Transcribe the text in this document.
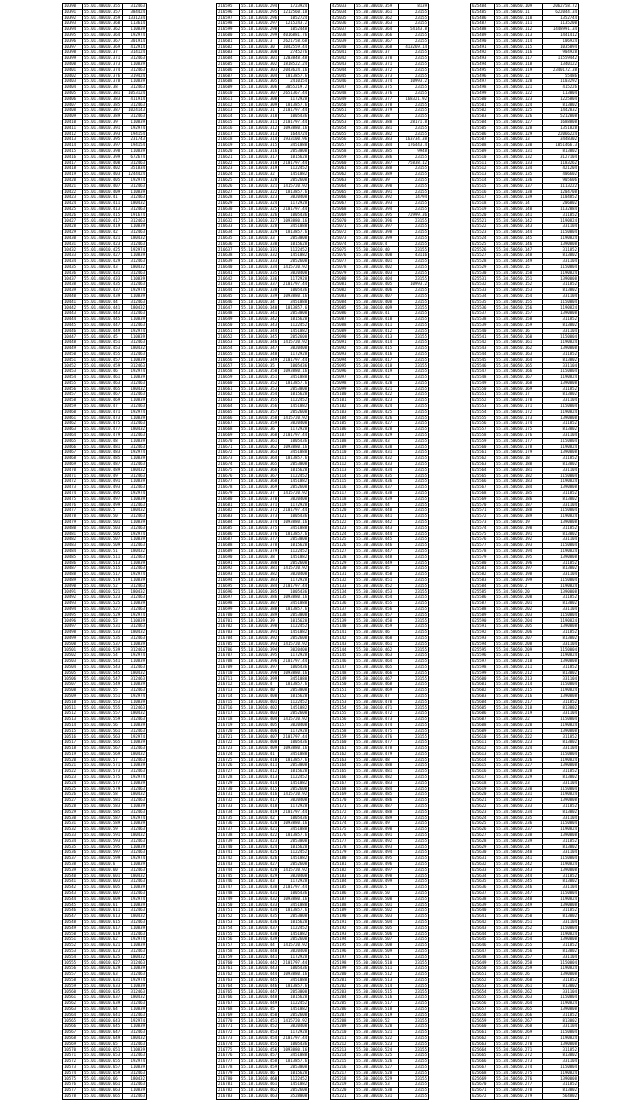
10390	55.01.40010.355	312463
10391	55.01.40010.357	384424
10392	55.01.40010.359	1331234
10393	55.01.40010.360	113614
10394	55.01.40010.362	110839
10395	55.01.40010.364	192974
10396	55.01.40010.367	301914
10397	55.01.40010.369	412914
10398	55.01.40010.37	314124
10399	55.01.40010.371	312463
10400	55.01.40010.373	110839
10401	55.01.40010.374	312463
10402	55.01.40010.376	319424
10403	55.01.40010.378	110839
10404	55.01.40010.38	312463
10405	55.01.40010.381	1053124
10406	55.01.40010.383	411914
10407	55.01.40010.385	312463
10408	55.01.40010.387	1024143
10409	55.01.40010.389	312463
10410	55.01.40010.39	110839
10411	55.01.40010.391	192974
10412	55.01.40010.393	194154
10413	55.01.40010.395	231743
10414	55.01.40010.397	194154
10415	55.01.40010.398	110839
10416	55.01.40010.399	672674
10417	55.01.40010.400	312463
10418	55.01.40010.402	351834
10419	55.01.40010.403	1244424
10420	55.01.40010.405	192974
10421	55.01.40010.407	312463
10422	55.01.40010.409	110839
10423	55.01.40010.41	312463
10424	55.01.40010.411	180432
10425	55.01.40010.413	312463
10426	55.01.40010.415	191674
10427	55.01.40010.417	312463
10428	55.01.40010.419	110839
10429	55.01.40010.42	312463
10430	55.01.40010.421	180432
10431	55.01.40010.423	312463
10432	55.01.40010.425	192974
10433	55.01.40010.427	110839
10434	55.01.40010.429	312463
10435	55.01.40010.43	180432
10436	55.01.40010.431	312463
10437	55.01.40010.433	110839
10438	55.01.40010.435	312463
10439	55.01.40010.437	192974
10440	55.01.40010.439	110839
10441	55.01.40010.44	312463
10442	55.01.40010.441	180432
10443	55.01.40010.443	312463
10444	55.01.40010.445	110839
10445	55.01.40010.447	312463
10446	55.01.40010.449	192974
10447	55.01.40010.45	110839
10448	55.01.40010.451	312463
10449	55.01.40010.453	180432
10450	55.01.40010.455	312463
10451	55.01.40010.457	110839
10452	55.01.40010.459	312463
10453	55.01.40010.46	192974
10454	55.01.40010.461	110839
10455	55.01.40010.463	312463
10456	55.01.40010.465	180432
10457	55.01.40010.467	312463
10458	55.01.40010.469	110839
10459	55.01.40010.47	312463
10460	55.01.40010.471	192974
10461	55.01.40010.473	110839
10462	55.01.40010.475	312463
10463	55.01.40010.477	180432
10464	55.01.40010.479	312463
10465	55.01.40010.48	110839
10466	55.01.40010.481	312463
10467	55.01.40010.483	192974
10468	55.01.40010.485	110839
10469	55.01.40010.487	312463
10470	55.01.40010.489	180432
10471	55.01.40010.49	312463
10472	55.01.40010.491	110839
10473	55.01.40010.493	312463
10474	55.01.40010.495	192974
10475	55.01.40010.497	110839
10476	55.01.40010.499	312463
10477	55.01.40010.5	180432
10478	55.01.40010.50	312463
10479	55.01.40010.501	110839
10480	55.01.40010.503	312463
10481	55.01.40010.505	192974
10482	55.01.40010.507	110839
10483	55.01.40010.509	312463
10484	55.01.40010.51	180432
10485	55.01.40010.511	312463
10486	55.01.40010.513	110839
10487	55.01.40010.515	312463
10488	55.01.40010.517	192974
10489	55.01.40010.519	110839
10490	55.01.40010.52	312463
10491	55.01.40010.521	180432
10492	55.01.40010.523	312463
10493	55.01.40010.525	110839
10494	55.01.40010.527	312463
10495	55.01.40010.529	192974
10496	55.01.40010.53	110839
10497	55.01.40010.531	312463
10498	55.01.40010.533	180432
10499	55.01.40010.535	312463
10500	55.01.40010.537	110839
10501	55.01.40010.539	312463
10502	55.01.40010.54	192974
10503	55.01.40010.541	110839
10504	55.01.40010.543	312463
10505	55.01.40010.545	180432
10506	55.01.40010.547	312463
10507	55.01.40010.549	110839
10508	55.01.40010.55	312463
10509	55.01.40010.551	192974
10510	55.01.40010.553	110839
10511	55.01.40010.555	312463
10512	55.01.40010.557	180432
10513	55.01.40010.559	312463
10514	55.01.40010.56	110839
10515	55.01.40010.561	312463
10516	55.01.40010.563	192974
10517	55.01.40010.565	110839
10518	55.01.40010.567	312463
10519	55.01.40010.569	180432
10520	55.01.40010.57	312463
10521	55.01.40010.571	110839
10522	55.01.40010.573	312463
10523	55.01.40010.575	192974
10524	55.01.40010.577	110839
10525	55.01.40010.579	312463
10526	55.01.40010.58	180432
10527	55.01.40010.581	312463
10528	55.01.40010.583	110839
10529	55.01.40010.585	312463
10530	55.01.40010.587	192974
10531	55.01.40010.589	110839
10532	55.01.40010.59	312463
10533	55.01.40010.591	180432
10534	55.01.40010.593	312463
10535	55.01.40010.595	110839
10536	55.01.40010.597	312463
10537	55.01.40010.599	192974
10538	55.01.40010.6	110839
10539	55.01.40010.60	312463
10540	55.01.40010.601	180432
10541	55.01.40010.603	312463
10542	55.01.40010.605	110839
10543	55.01.40010.607	312463
10544	55.01.40010.609	192974
10545	55.01.40010.61	110839
10546	55.01.40010.611	312463
10547	55.01.40010.613	180432
10548	55.01.40010.615	312463
10549	55.01.40010.617	110839
10550	55.01.40010.619	312463
10551	55.01.40010.62	192974
10552	55.01.40010.621	110839
10553	55.01.40010.623	312463
10554	55.01.40010.625	180432
10555	55.01.40010.627	312463
10556	55.01.40010.629	110839
10557	55.01.40010.63	312463
10558	55.01.40010.631	192974
10559	55.01.40010.633	110839
10560	55.01.40010.635	312463
10561	55.01.40010.637	180432
10562	55.01.40010.639	312463
10563	55.01.40010.64	110839
10564	55.01.40010.641	312463
10565	55.01.40010.643	192974
10566	55.01.40010.645	110839
10567	55.01.40010.647	312463
10568	55.01.40010.649	180432
10569	55.01.40010.65	312463
10570	55.01.40010.651	110839
10571	55.01.40010.653	312463
10572	55.01.40010.655	192974
10573	55.01.40010.657	110839
10574	55.01.40010.659	312463
10575	55.01.40010.66	180432
10576	55.01.40010.661	312463
10577	55.01.40010.663	110839
10578	55.01.40010.665	312463
216595	55.18.13010.294	1723924
216596	55.18.13010.295	1212560.18
216597	55.18.13010.296	1052724
216598	55.18.13010.297	1215243.2
216599	55.18.13010.298	1052448
216600	55.18.13010.299	4016881.76
216601	55.18.13010.3	2621758.68
216602	55.18.13010.30	1042559.44
216603	55.18.13010.300	2745276
216604	55.18.13010.301	1203848.48
216605	55.18.13010.302	1818522.24
216606	55.18.13010.303	2043624.16
216607	55.18.13010.304	1813857.6
216608	55.18.13010.305	2410154
216609	55.18.13010.306	3055219.2
216610	55.18.13010.307	2651367.44
216611	55.18.13010.308	1172928
216612	55.18.13010.309	1813857.6
216613	55.18.13010.31	2101797.44
216614	55.18.13010.310	1005436
216615	55.18.13010.311	2101797.44
216616	55.18.13010.312	1093880.16
216617	55.18.13010.313	1644724
216618	55.18.13010.314	1933100.96
216619	55.18.13010.315	3451080
216620	55.18.13010.316	2053000
216621	55.18.13010.317	1015620
216622	55.18.13010.318	2101797.44
216623	55.18.13010.319	1122452
216624	55.18.13010.32	1451082
216625	55.18.13010.320	2052600
216626	55.18.13010.321	1415720.92
216627	55.18.13010.322	1813857.6
216628	55.18.13010.323	3020400
216629	55.18.13010.324	1172928
216630	55.18.13010.325	2101797.44
216631	55.18.13010.326	1005436
216632	55.18.13010.327	1093880.16
216633	55.18.13010.328	3451080
216634	55.18.13010.329	1813857.6
216635	55.18.13010.33	2053000
216636	55.18.13010.330	1015620
216637	55.18.13010.331	1122452
216638	55.18.13010.332	1451082
216639	55.18.13010.333	2052600
216640	55.18.13010.334	1415720.92
216641	55.18.13010.335	3020400
216642	55.18.13010.336	1172928
216643	55.18.13010.337	2101797.44
216644	55.18.13010.338	1005436
216645	55.18.13010.339	1093880.16
216646	55.18.13010.34	3451080
216647	55.18.13010.340	1813857.6
216648	55.18.13010.341	2053000
216649	55.18.13010.342	1015620
216650	55.18.13010.343	1122452
216651	55.18.13010.344	1451082
216652	55.18.13010.345	2052600
216653	55.18.13010.346	1415720.92
216654	55.18.13010.347	3020400
216655	55.18.13010.348	1172928
216656	55.18.13010.349	2101797.44
216657	55.18.13010.35	1005436
216658	55.18.13010.350	1093880.16
216659	55.18.13010.351	3451080
216660	55.18.13010.352	1813857.6
216661	55.18.13010.353	2053000
216662	55.18.13010.354	1015620
216663	55.18.13010.355	1122452
216664	55.18.13010.356	1451082
216665	55.18.13010.357	2052600
216666	55.18.13010.358	1415720.92
216667	55.18.13010.359	3020400
216668	55.18.13010.36	1172928
216669	55.18.13010.360	2101797.44
216670	55.18.13010.361	1005436
216671	55.18.13010.362	1093880.16
216672	55.18.13010.363	3451080
216673	55.18.13010.364	1813857.6
216674	55.18.13010.365	2053000
216675	55.18.13010.366	1015620
216676	55.18.13010.367	1122452
216677	55.18.13010.368	1451082
216678	55.18.13010.369	2052600
216679	55.18.13010.37	1415720.92
216680	55.18.13010.370	3020400
216681	55.18.13010.371	1172928
216682	55.18.13010.372	2101797.44
216683	55.18.13010.373	1005436
216684	55.18.13010.374	1093880.16
216685	55.18.13010.375	3451080
216686	55.18.13010.376	1813857.6
216687	55.18.13010.377	2053000
216688	55.18.13010.378	1015620
216689	55.18.13010.379	1122452
216690	55.18.13010.38	1451082
216691	55.18.13010.380	2052600
216692	55.18.13010.381	1415720.92
216693	55.18.13010.382	3020400
216694	55.18.13010.383	1172928
216695	55.18.13010.384	2101797.44
216696	55.18.13010.385	1005436
216697	55.18.13010.386	1093880.16
216698	55.18.13010.387	3451080
216699	55.18.13010.388	1813857.6
216700	55.18.13010.389	2053000
216701	55.18.13010.39	1015620
216702	55.18.13010.390	1122452
216703	55.18.13010.391	1451082
216704	55.18.13010.392	2052600
216705	55.18.13010.393	1415720.92
216706	55.18.13010.394	3020400
216707	55.18.13010.395	1172928
216708	55.18.13010.396	2101797.44
216709	55.18.13010.397	1005436
216710	55.18.13010.398	1093880.16
216711	55.18.13010.399	3451080
216712	55.18.13010.4	1813857.6
216713	55.18.13010.40	2053000
216714	55.18.13010.400	1015620
216715	55.18.13010.401	1122452
216716	55.18.13010.402	1451082
216717	55.18.13010.403	2052600
216718	55.18.13010.404	1415720.92
216719	55.18.13010.405	3020400
216720	55.18.13010.406	1172928
216721	55.18.13010.407	2101797.44
216722	55.18.13010.408	1005436
216723	55.18.13010.409	1093880.16
216724	55.18.13010.41	3451080
216725	55.18.13010.410	1813857.6
216726	55.18.13010.411	2053000
216727	55.18.13010.412	1015620
216728	55.18.13010.413	1122452
216729	55.18.13010.414	1451082
216730	55.18.13010.415	2052600
216731	55.18.13010.416	1415720.92
216732	55.18.13010.417	3020400
216733	55.18.13010.418	1172928
216734	55.18.13010.419	2101797.44
216735	55.18.13010.42	1005436
216736	55.18.13010.420	1093880.16
216737	55.18.13010.421	3451080
216738	55.18.13010.422	1813857.6
216739	55.18.13010.423	2053000
216740	55.18.13010.424	1015620
216741	55.18.13010.425	1122452
216742	55.18.13010.426	1451082
216743	55.18.13010.427	2052600
216744	55.18.13010.428	1415720.92
216745	55.18.13010.429	3020400
216746	55.18.13010.43	1172928
216747	55.18.13010.430	2101797.44
216748	55.18.13010.431	1005436
216749	55.18.13010.432	1093880.16
216750	55.18.13010.433	3451080
216751	55.18.13010.434	1813857.6
216752	55.18.13010.435	2053000
216753	55.18.13010.436	1015620
216754	55.18.13010.437	1122452
216755	55.18.13010.438	1451082
216756	55.18.13010.439	2052600
216757	55.18.13010.44	1415720.92
216758	55.18.13010.440	3020400
216759	55.18.13010.441	1172928
216760	55.18.13010.442	2101797.44
216761	55.18.13010.443	1005436
216762	55.18.13010.444	1093880.16
216763	55.18.13010.445	3451080
216764	55.18.13010.446	1813857.6
216765	55.18.13010.447	2053000
216766	55.18.13010.448	1015620
216767	55.18.13010.449	1122452
216768	55.18.13010.45	1451082
216769	55.18.13010.450	2052600
216770	55.18.13010.451	1415720.92
216771	55.18.13010.452	3020400
216772	55.18.13010.453	1172928
216773	55.18.13010.454	2101797.44
216774	55.18.13010.455	1005436
216775	55.18.13010.456	1093880.16
216776	55.18.13010.457	3451080
216777	55.18.13010.458	1813857.6
216778	55.18.13010.459	2053000
216779	55.18.13010.46	1015620
216780	55.18.13010.460	1122452
216781	55.18.13010.461	1451082
216782	55.18.13010.462	2052600
216783	55.18.13010.463	3528000
425033	55.30.30010.359	8139
425034	55.30.30010.361	23155
425035	55.30.30010.362	23155
425036	55.30.30010.363	23155
425037	55.30.30010.364	54143.8
425038	55.30.30010.366	23155
425039	55.30.30010.367	23155
425040	55.30.30010.368	413269.14
425041	55.30.30010.37	23155
425042	55.30.30010.370	23155
425043	55.30.30010.371	23155
425044	55.30.30010.372	23155
425045	55.30.30010.373	23155
425046	55.30.30010.374	10993.2
425047	55.30.30010.375	23155
425048	55.30.30010.376	23155
425049	55.30.30010.377	168321.92
425050	55.30.30010.378	23155
425051	55.30.30010.379	23155
425052	55.30.30010.38	23155
425053	55.30.30010.380	28171.8
425054	55.30.30010.381	23155
425055	55.30.30010.382	23155
425056	55.30.30010.383	163734.38
425057	55.30.30010.384	176443.4
425058	55.30.30010.385	9948
425059	55.30.30010.386	23155
425060	55.30.30010.387	75838.12
425061	55.30.30010.388	23155
425062	55.30.30010.389	23155
425063	55.30.30010.39	23155
425064	55.30.30010.390	23155
425065	55.30.30010.391	23155
425066	55.30.30010.392	14794
425067	55.30.30010.393	23155
425068	55.30.30010.394	23155
425069	55.30.30010.395	72999.36
425070	55.30.30010.396	23155
425071	55.30.30010.397	23155
425072	55.30.30010.398	23155
425073	55.30.30010.399	23155
425074	55.30.30010.4	23155
425075	55.30.30010.40	23155
425076	55.30.30010.400	43116
425077	55.30.30010.401	23155
425078	55.30.30010.402	23155
425079	55.30.30010.403	23155
425080	55.30.30010.404	23155
425081	55.30.30010.405	10993.2
425082	55.30.30010.406	23155
425083	55.30.30010.407	23155
425084	55.30.30010.408	23155
425085	55.30.30010.409	23155
425086	55.30.30010.41	23155
425087	55.30.30010.410	23155
425088	55.30.30010.411	23155
425089	55.30.30010.412	23155
425090	55.30.30010.413	23155
425091	55.30.30010.414	23155
425092	55.30.30010.415	23155
425093	55.30.30010.416	23155
425094	55.30.30010.417	23155
425095	55.30.30010.418	23155
425096	55.30.30010.419	23155
425097	55.30.30010.42	23155
425098	55.30.30010.420	23155
425099	55.30.30010.421	23155
425100	55.30.30010.422	23155
425101	55.30.30010.423	23155
425102	55.30.30010.424	23155
425103	55.30.30010.425	23155
425104	55.30.30010.426	23155
425105	55.30.30010.427	23155
425106	55.30.30010.428	23155
425107	55.30.30010.429	23155
425108	55.30.30010.43	23155
425109	55.30.30010.430	23155
425110	55.30.30010.431	23155
425111	55.30.30010.432	23155
425112	55.30.30010.433	23155
425113	55.30.30010.434	23155
425114	55.30.30010.435	23155
425115	55.30.30010.436	23155
425116	55.30.30010.437	23155
425117	55.30.30010.438	23155
425118	55.30.30010.439	23155
425119	55.30.30010.44	23155
425120	55.30.30010.440	23155
425121	55.30.30010.441	23155
425122	55.30.30010.442	23155
425123	55.30.30010.443	23155
425124	55.30.30010.444	23155
425125	55.30.30010.445	23155
425126	55.30.30010.446	23155
425127	55.30.30010.447	23155
425128	55.30.30010.448	23155
425129	55.30.30010.449	23155
425130	55.30.30010.45	23155
425131	55.30.30010.450	23155
425132	55.30.30010.451	23155
425133	55.30.30010.452	23155
425134	55.30.30010.453	23155
425135	55.30.30010.454	23155
425136	55.30.30010.455	23155
425137	55.30.30010.456	23155
425138	55.30.30010.457	23155
425139	55.30.30010.458	23155
425140	55.30.30010.459	23155
425141	55.30.30010.46	23155
425142	55.30.30010.460	23155
425143	55.30.30010.461	23155
425144	55.30.30010.462	23155
425145	55.30.30010.463	23155
425146	55.30.30010.464	23155
425147	55.30.30010.465	23155
425148	55.30.30010.466	23155
425149	55.30.30010.467	23155
425150	55.30.30010.468	23155
425151	55.30.30010.469	23155
425152	55.30.30010.47	23155
425153	55.30.30010.470	23155
425154	55.30.30010.471	23155
425155	55.30.30010.472	23155
425156	55.30.30010.473	23155
425157	55.30.30010.474	23155
425158	55.30.30010.475	23155
425159	55.30.30010.476	23155
425160	55.30.30010.477	23155
425161	55.30.30010.478	23155
425162	55.30.30010.479	23155
425163	55.30.30010.48	23155
425164	55.30.30010.480	23155
425165	55.30.30010.481	23155
425166	55.30.30010.482	23155
425167	55.30.30010.483	23155
425168	55.30.30010.484	23155
425169	55.30.30010.485	23155
425170	55.30.30010.486	23155
425171	55.30.30010.487	23155
425172	55.30.30010.488	23155
425173	55.30.30010.489	23155
425174	55.30.30010.49	23155
425175	55.30.30010.490	23155
425176	55.30.30010.491	23155
425177	55.30.30010.492	23155
425178	55.30.30010.493	23155
425179	55.30.30010.494	23155
425180	55.30.30010.495	23155
425181	55.30.30010.496	23155
425182	55.30.30010.497	23155
425183	55.30.30010.498	23155
425184	55.30.30010.499	23155
425185	55.30.30010.5	23155
425186	55.30.30010.50	23155
425187	55.30.30010.500	23155
425188	55.30.30010.501	23155
425189	55.30.30010.502	23155
425190	55.30.30010.503	23155
425191	55.30.30010.504	23155
425192	55.30.30010.505	23155
425193	55.30.30010.506	23155
425194	55.30.30010.507	23155
425195	55.30.30010.508	23155
425196	55.30.30010.509	23155
425197	55.30.30010.51	23155
425198	55.30.30010.510	23155
425199	55.30.30010.511	23155
425200	55.30.30010.512	23155
425201	55.30.30010.513	23155
425202	55.30.30010.514	23155
425203	55.30.30010.515	23155
425204	55.30.30010.516	23155
425205	55.30.30010.517	23155
425206	55.30.30010.518	23155
425207	55.30.30010.519	23155
425208	55.30.30010.52	23155
425209	55.30.30010.520	23155
425210	55.30.30010.521	23155
425211	55.30.30010.522	23155
425212	55.30.30010.523	23155
425213	55.30.30010.524	23155
425214	55.30.30010.525	23155
425215	55.30.30010.526	23155
425216	55.30.30010.527	23155
425217	55.30.30010.528	23155
425218	55.30.30010.529	23155
425219	55.30.30010.53	23155
425220	55.30.30010.530	23155
425221	55.30.30010.531	23155
625484	55.34.50050.109	2062758.72
625485	55.34.50050.11	622044.34
625486	55.34.50050.110	1352744
625487	55.34.50050.111	1135200
625488	55.34.50050.112	1448991.34
625489	55.34.50050.113	1441412
625490	55.34.50050.114	106924
625491	55.34.50050.115	1035094
625492	55.34.50050.116	904928
625493	55.34.50050.117	11559442
625494	55.34.50050.118	1340122
625495	55.34.50050.119	2340172.38
625496	55.34.50050.12	55486
625497	55.34.50050.120	1103292
625498	55.34.50050.121	415226
625499	55.34.50050.122	113004
625500	55.34.50050.123	1225804
625501	55.34.50050.124	813002
625502	55.34.50050.125	1442032
625503	55.34.50050.126	5212008
625504	55.34.50050.127	1688808
625505	55.34.50050.128	1351828
625506	55.34.50050.129	22066224
625507	55.34.50050.13	3448302
625508	55.34.50050.130	1051466.3
625509	55.34.50050.131	813002
625510	55.34.50050.132	3127104
625511	55.34.50050.133	1183262
625512	55.34.50050.134	421204
625513	55.34.50050.135	406602
625514	55.34.50050.136	905606
625515	55.34.50050.137	1113222
625516	55.34.50050.138	1204708
625517	55.34.50050.139	1104852
625518	55.34.50050.14	206002
625519	55.34.50050.140	1132084
625520	55.34.50050.141	311852
625521	55.34.50050.142	1190824
625522	55.34.50050.143	331104
625523	55.34.50050.144	1150004
625524	55.34.50050.145	1190824
625525	55.34.50050.146	1390008
625526	55.34.50050.147	311852
625527	55.34.50050.148	813002
625528	55.34.50050.149	331104
625529	55.34.50050.15	1150004
625530	55.34.50050.150	1190824
625531	55.34.50050.151	1390008
625532	55.34.50050.152	311852
625533	55.34.50050.153	813002
625534	55.34.50050.154	331104
625535	55.34.50050.155	1150004
625536	55.34.50050.156	1190824
625537	55.34.50050.157	1390008
625538	55.34.50050.158	311852
625539	55.34.50050.159	813002
625540	55.34.50050.16	331104
625541	55.34.50050.160	1150004
625542	55.34.50050.161	1190824
625543	55.34.50050.162	1390008
625544	55.34.50050.163	311852
625545	55.34.50050.164	813002
625546	55.34.50050.165	331104
625547	55.34.50050.166	1150004
625548	55.34.50050.167	1190824
625549	55.34.50050.168	1390008
625550	55.34.50050.169	311852
625551	55.34.50050.17	813002
625552	55.34.50050.170	331104
625553	55.34.50050.171	1150004
625554	55.34.50050.172	1190824
625555	55.34.50050.173	1390008
625556	55.34.50050.174	311852
625557	55.34.50050.175	813002
625558	55.34.50050.176	331104
625559	55.34.50050.177	1150004
625560	55.34.50050.178	1190824
625561	55.34.50050.179	1390008
625562	55.34.50050.18	311852
625563	55.34.50050.180	813002
625564	55.34.50050.181	331104
625565	55.34.50050.182	1150004
625566	55.34.50050.183	1190824
625567	55.34.50050.184	1390008
625568	55.34.50050.185	311852
625569	55.34.50050.186	813002
625570	55.34.50050.187	331104
625571	55.34.50050.188	1150004
625572	55.34.50050.189	1190824
625573	55.34.50050.19	1390008
625574	55.34.50050.190	311852
625575	55.34.50050.191	813002
625576	55.34.50050.192	331104
625577	55.34.50050.193	1150004
625578	55.34.50050.194	1190824
625579	55.34.50050.195	1390008
625580	55.34.50050.196	311852
625581	55.34.50050.197	813002
625582	55.34.50050.198	331104
625583	55.34.50050.199	1150004
625584	55.34.50050.2	1190824
625585	55.34.50050.20	1390008
625586	55.34.50050.200	311852
625587	55.34.50050.201	813002
625588	55.34.50050.202	331104
625589	55.34.50050.203	1150004
625590	55.34.50050.204	1190824
625591	55.34.50050.205	1390008
625592	55.34.50050.206	311852
625593	55.34.50050.207	813002
625594	55.34.50050.208	331104
625595	55.34.50050.209	1150004
625596	55.34.50050.21	1190824
625597	55.34.50050.210	1390008
625598	55.34.50050.211	311852
625599	55.34.50050.212	813002
625600	55.34.50050.213	331104
625601	55.34.50050.214	1150004
625602	55.34.50050.215	1190824
625603	55.34.50050.216	1390008
625604	55.34.50050.217	311852
625605	55.34.50050.218	813002
625606	55.34.50050.219	331104
625607	55.34.50050.22	1150004
625608	55.34.50050.220	1190824
625609	55.34.50050.221	1390008
625610	55.34.50050.222	311852
625611	55.34.50050.223	813002
625612	55.34.50050.224	331104
625613	55.34.50050.225	1150004
625614	55.34.50050.226	1190824
625615	55.34.50050.227	1390008
625616	55.34.50050.228	311852
625617	55.34.50050.229	813002
625618	55.34.50050.23	331104
625619	55.34.50050.230	1150004
625620	55.34.50050.231	1190824
625621	55.34.50050.232	1390008
625622	55.34.50050.233	311852
625623	55.34.50050.234	813002
625624	55.34.50050.235	331104
625625	55.34.50050.236	1150004
625626	55.34.50050.237	1190824
625627	55.34.50050.238	1390008
625628	55.34.50050.239	311852
625629	55.34.50050.24	813002
625630	55.34.50050.240	331104
625631	55.34.50050.241	1150004
625632	55.34.50050.242	1190824
625633	55.34.50050.243	1390008
625634	55.34.50050.244	311852
625635	55.34.50050.245	813002
625636	55.34.50050.246	331104
625637	55.34.50050.247	1150004
625638	55.34.50050.248	1190824
625639	55.34.50050.249	1390008
625640	55.34.50050.25	311852
625641	55.34.50050.250	813002
625642	55.34.50050.251	331104
625643	55.34.50050.252	1150004
625644	55.34.50050.253	1190824
625645	55.34.50050.254	1390008
625646	55.34.50050.255	311852
625647	55.34.50050.256	813002
625648	55.34.50050.257	331104
625649	55.34.50050.258	1150004
625650	55.34.50050.259	1190824
625651	55.34.50050.26	1390008
625652	55.34.50050.260	311852
625653	55.34.50050.261	813002
625654	55.34.50050.262	331104
625655	55.34.50050.263	1150004
625656	55.34.50050.264	1190824
625657	55.34.50050.265	1390008
625658	55.34.50050.266	311852
625659	55.34.50050.267	813002
625660	55.34.50050.268	331104
625661	55.34.50050.269	1150004
625662	55.34.50050.27	1190824
625663	55.34.50050.270	1390008
625664	55.34.50050.271	311852
625665	55.34.50050.272	813002
625666	55.34.50050.273	331104
625667	55.34.50050.274	1150004
625668	55.34.50050.275	1190824
625669	55.34.50050.276	1390008
625670	55.34.50050.277	311852
625671	55.34.50050.278	813002
625672	55.34.50050.279	564802
